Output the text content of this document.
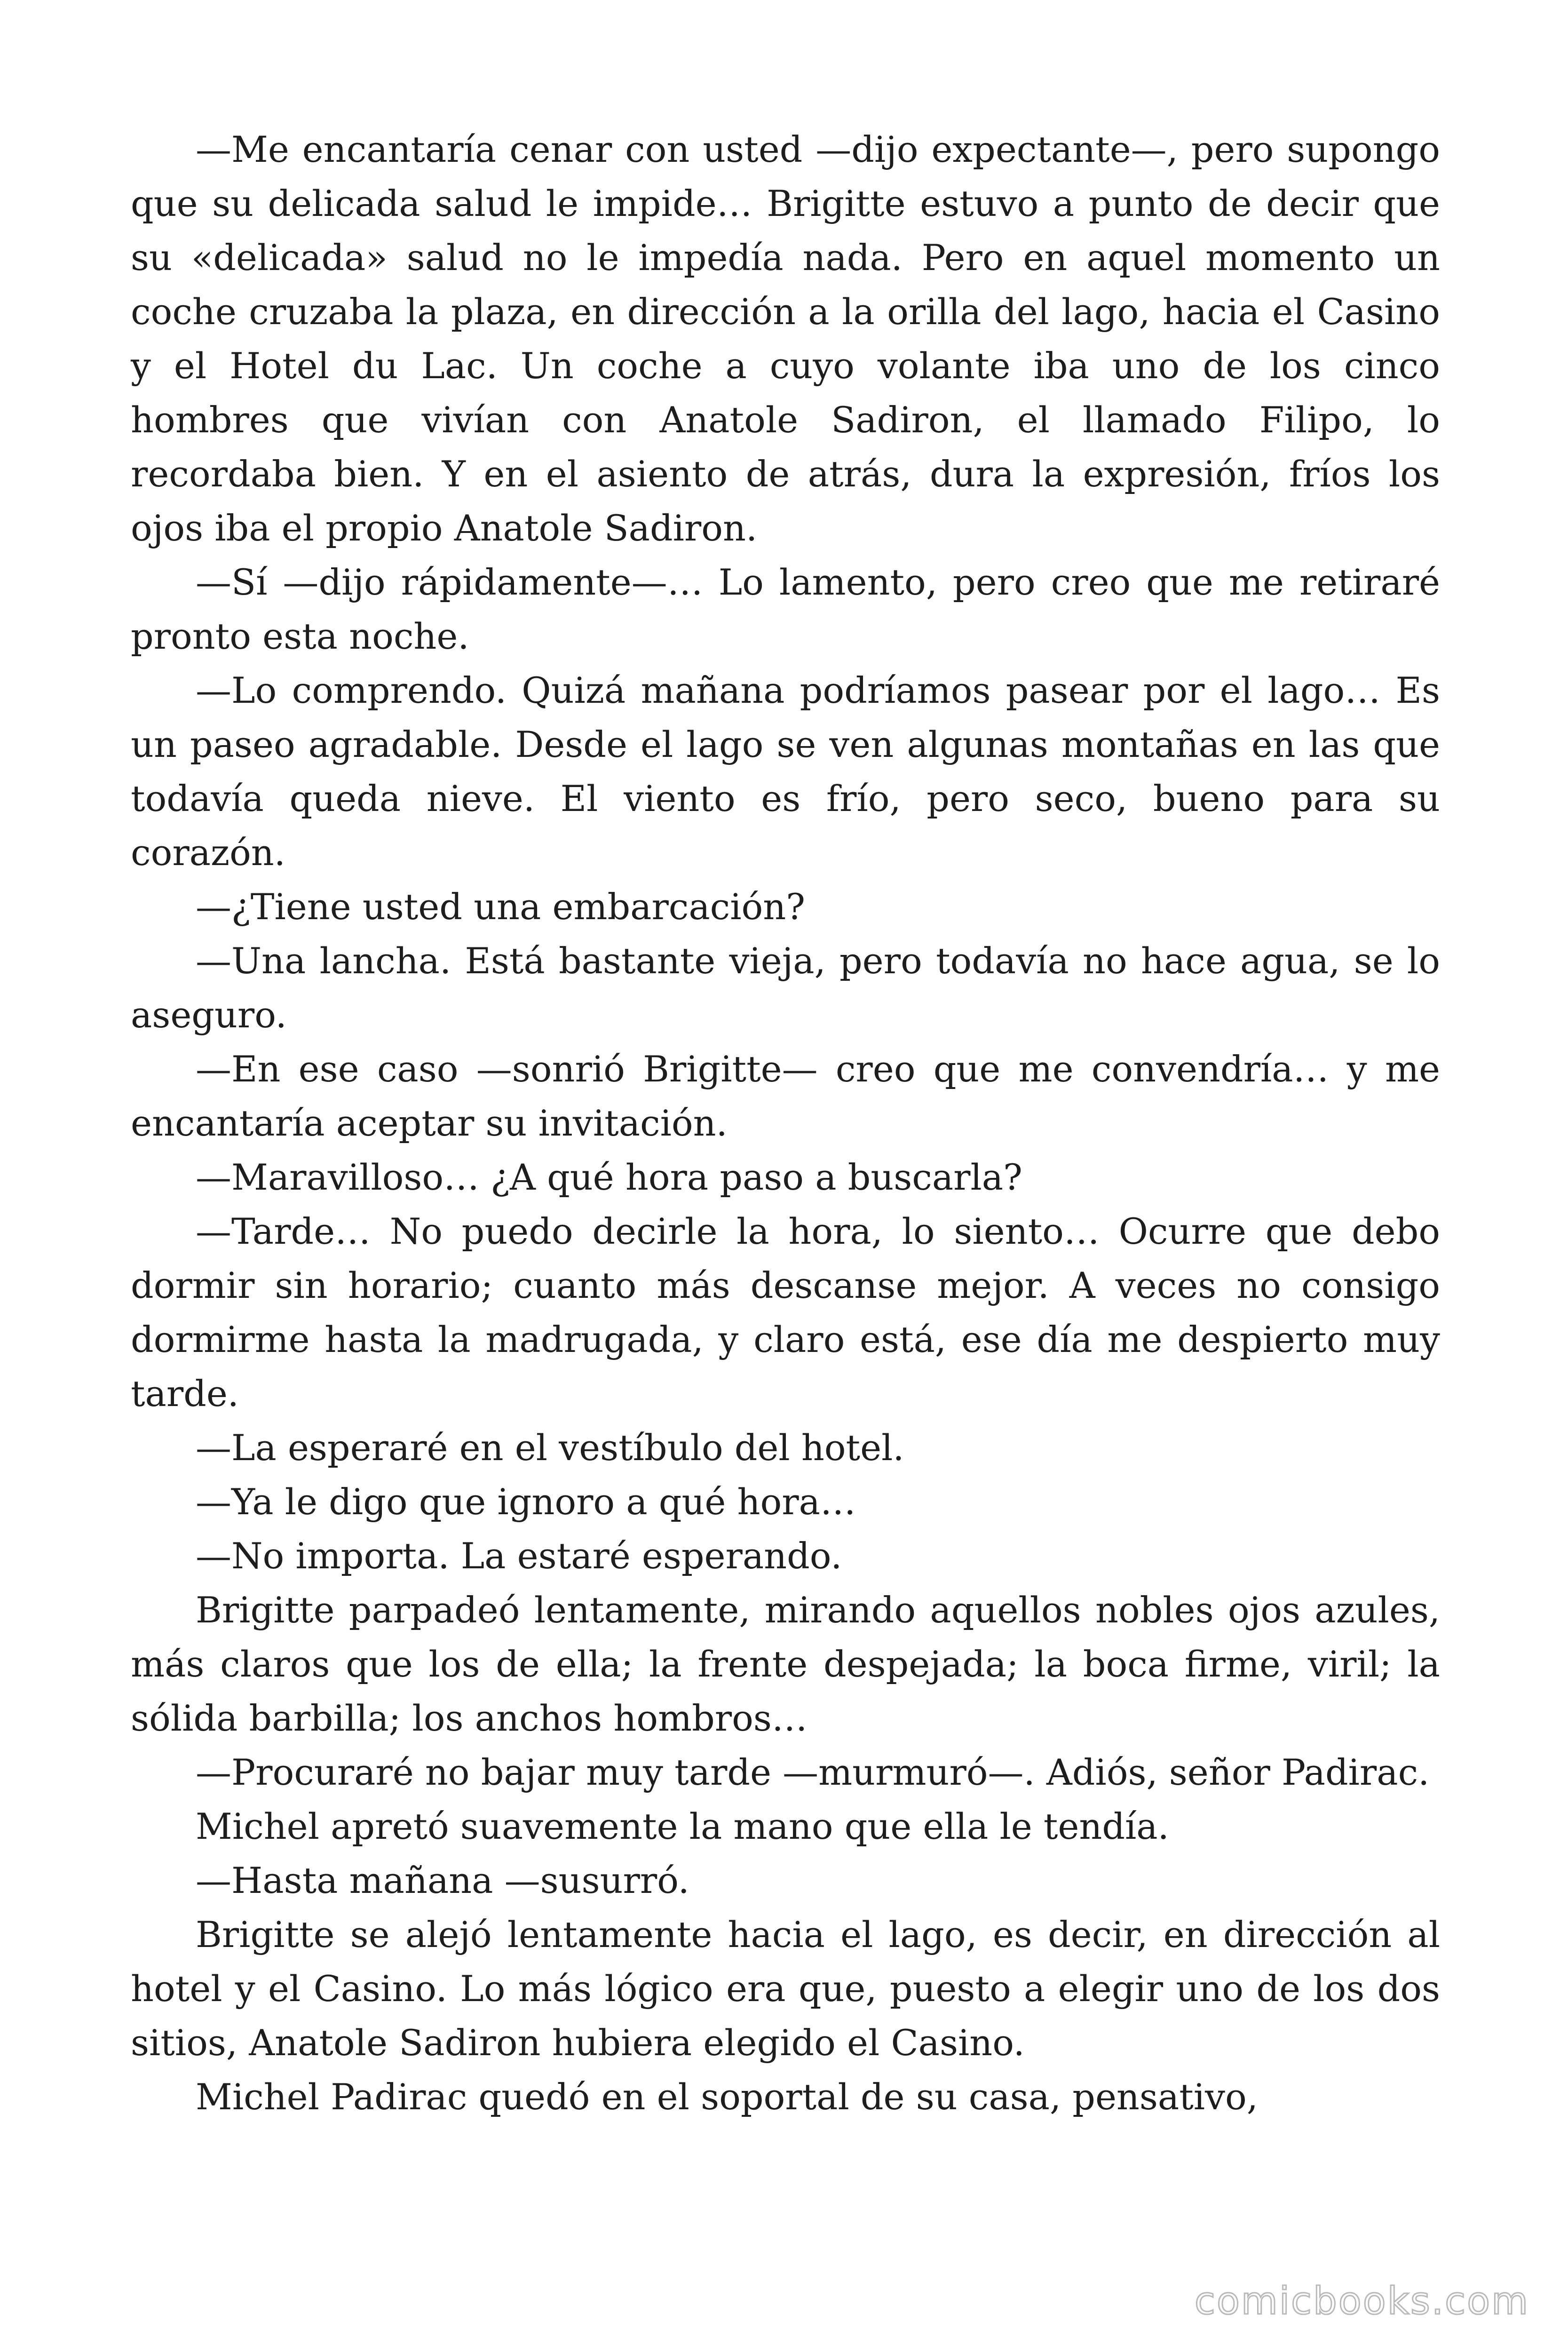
—Me encantaría cenar con usted —dijo expectante—, pero supongo que su delicada salud le impide… Brigitte estuvo a punto de decir que su «delicada» salud no le impedía nada. Pero en aquel momento un coche cruzaba la plaza, en dirección a la orilla del lago, hacia el Casino y el Hotel du Lac. Un coche a cuyo volante iba uno de los cinco hombres que vivían con Anatole Sadiron, el llamado Filipo, lo recordaba bien. Y en el asiento de atrás, dura la expresión, fríos los ojos iba el propio Anatole Sadiron.

—Sí —dijo rápidamente—… Lo lamento, pero creo que me retiraré pronto esta noche.

—Lo comprendo. Quizá mañana podríamos pasear por el lago… Es un paseo agradable. Desde el lago se ven algunas montañas en las que todavía queda nieve. El viento es frío, pero seco, bueno para su corazón.

—¿Tiene usted una embarcación?

—Una lancha. Está bastante vieja, pero todavía no hace agua, se lo aseguro.

—En ese caso —sonrió Brigitte— creo que me convendría… y me encantaría aceptar su invitación.

—Maravilloso… ¿A qué hora paso a buscarla?

—Tarde… No puedo decirle la hora, lo siento… Ocurre que debo dormir sin horario; cuanto más descanse mejor. A veces no consigo dormirme hasta la madrugada, y claro está, ese día me despierto muy tarde.

—La esperaré en el vestíbulo del hotel.

—Ya le digo que ignoro a qué hora…

—No importa. La estaré esperando.

Brigitte parpadeó lentamente, mirando aquellos nobles ojos azules, más claros que los de ella; la frente despejada; la boca firme, viril; la sólida barbilla; los anchos hombros…

—Procuraré no bajar muy tarde —murmuró—. Adiós, señor Padirac.

Michel apretó suavemente la mano que ella le tendía.

—Hasta mañana —susurró.

Brigitte se alejó lentamente hacia el lago, es decir, en dirección al hotel y el Casino. Lo más lógico era que, puesto a elegir uno de los dos sitios, Anatole Sadiron hubiera elegido el Casino.

Michel Padirac quedó en el soportal de su casa, pensativo,

comicbooks.com
